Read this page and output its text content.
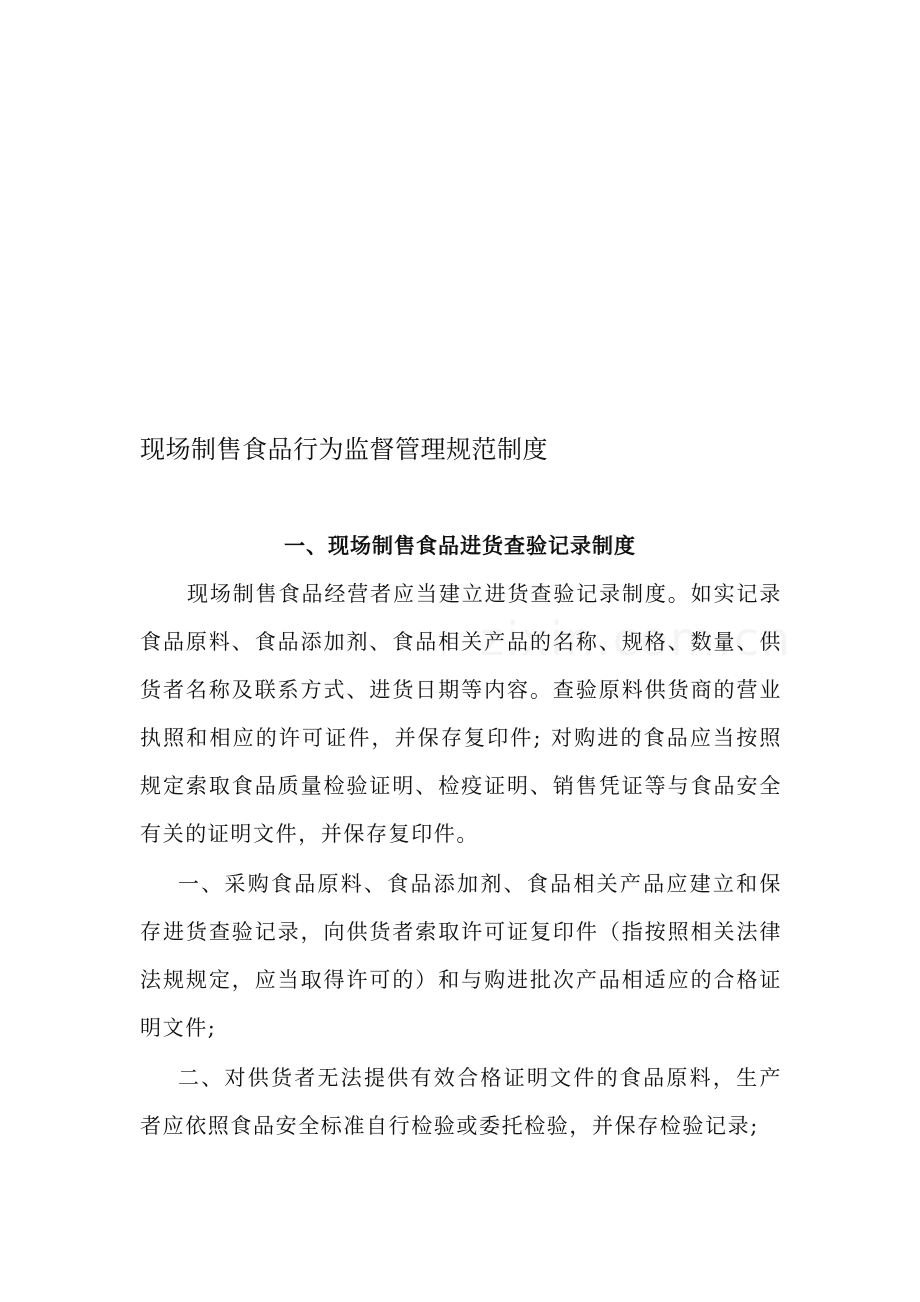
现场制售食品行为监督管理规范制度
一、现场制售食品进货查验记录制度

现场制售食品经营者应当建立进货查验记录制度。如实记录食品原料、食品添加剂、食品相关产品的名称、规格、数量、供货者名称及联系方式、进货日期等内容。查验原料供货商的营业执照和相应的许可证件，并保存复印件; 对购进的食品应当按照规定索取食品质量检验证明、检疫证明、销售凭证等与食品安全有关的证明文件，并保存复印件。

一、采购食品原料、食品添加剂、食品相关产品应建立和保存进货查验记录，向供货者索取许可证复印件（指按照相关法律法规规定，应当取得许可的）和与购进批次产品相适应的合格证明文件;

二、对供货者无法提供有效合格证明文件的食品原料，生产者应依照食品安全标准自行检验或委托检验，并保存检验记录;
